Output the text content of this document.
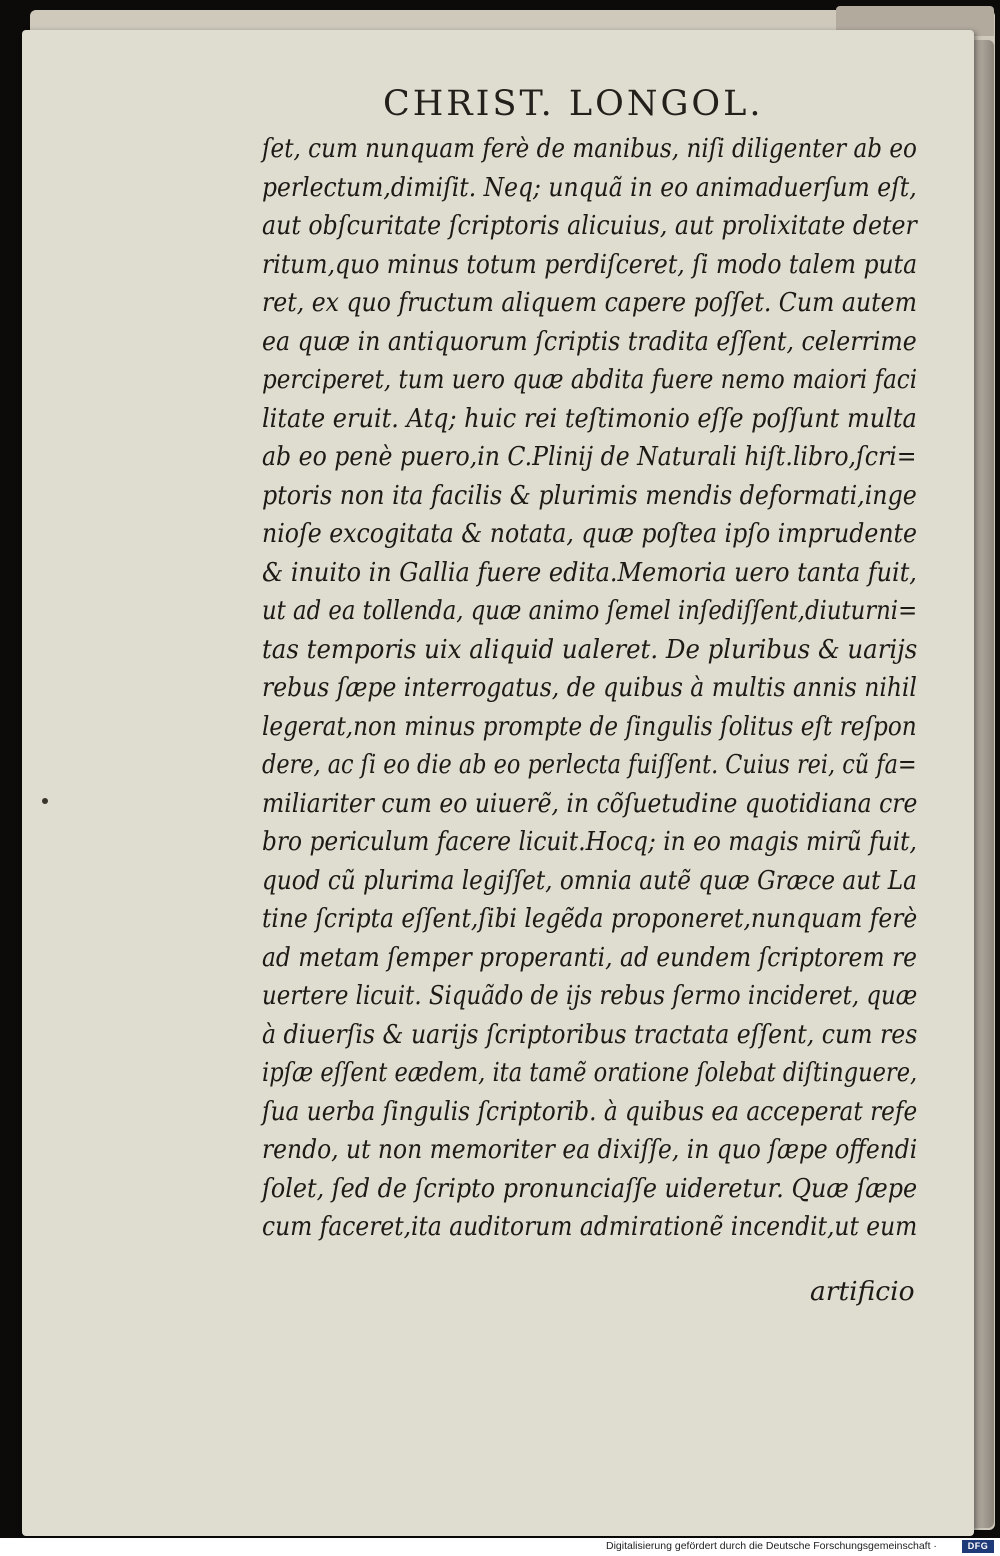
CHRIST. LONGOL.
ſet, cum nunquam ferè de manibus, niſi diligenter ab eo
perlectum,dimiſit. Neq; unquã in eo animaduerſum eſt,
aut obſcuritate ſcriptoris alicuius, aut prolixitate deter
ritum,quo minus totum perdiſceret, ſi modo talem puta
ret, ex quo fructum aliquem capere poſſet. Cum autem
ea quæ in antiquorum ſcriptis tradita eſſent, celerrime
perciperet, tum uero quæ abdita fuere nemo maiori faci
litate eruit. Atq; huic rei teſtimonio eſſe poſſunt multa
ab eo penè puero,in C.Plinij de Naturali hiſt.libro,ſcri=
ptoris non ita facilis & plurimis mendis deformati,inge
nioſe excogitata & notata, quæ poſtea ipſo imprudente
& inuito in Gallia fuere edita.Memoria uero tanta fuit,
ut ad ea tollenda, quæ animo ſemel inſediſſent,diuturni=
tas temporis uix aliquid ualeret. De pluribus & uarijs
rebus ſæpe interrogatus, de quibus à multis annis nihil
legerat,non minus prompte de ſingulis ſolitus eſt reſpon
dere, ac ſi eo die ab eo perlecta fuiſſent. Cuius rei, cũ fa=
miliariter cum eo uiuerẽ, in cõſuetudine quotidiana cre
bro periculum facere licuit.Hocq; in eo magis mirũ fuit,
quod cũ plurima legiſſet, omnia autẽ quæ Græce aut La
tine ſcripta eſſent,ſibi legẽda proponeret,nunquam ferè
ad metam ſemper properanti, ad eundem ſcriptorem re
uertere licuit. Siquãdo de ijs rebus ſermo incideret, quæ
à diuerſis & uarijs ſcriptoribus tractata eſſent, cum res
ipſæ eſſent eædem, ita tamẽ oratione ſolebat diſtinguere,
ſua uerba ſingulis ſcriptorib. à quibus ea acceperat refe
rendo, ut non memoriter ea dixiſſe, in quo ſæpe offendi
ſolet, ſed de ſcripto pronunciaſſe uideretur. Quæ ſæpe
cum faceret,ita auditorum admirationẽ incendit,ut eum
artificio
Digitalisierung gefördert durch die Deutsche Forschungsgemeinschaft ·	DFG
